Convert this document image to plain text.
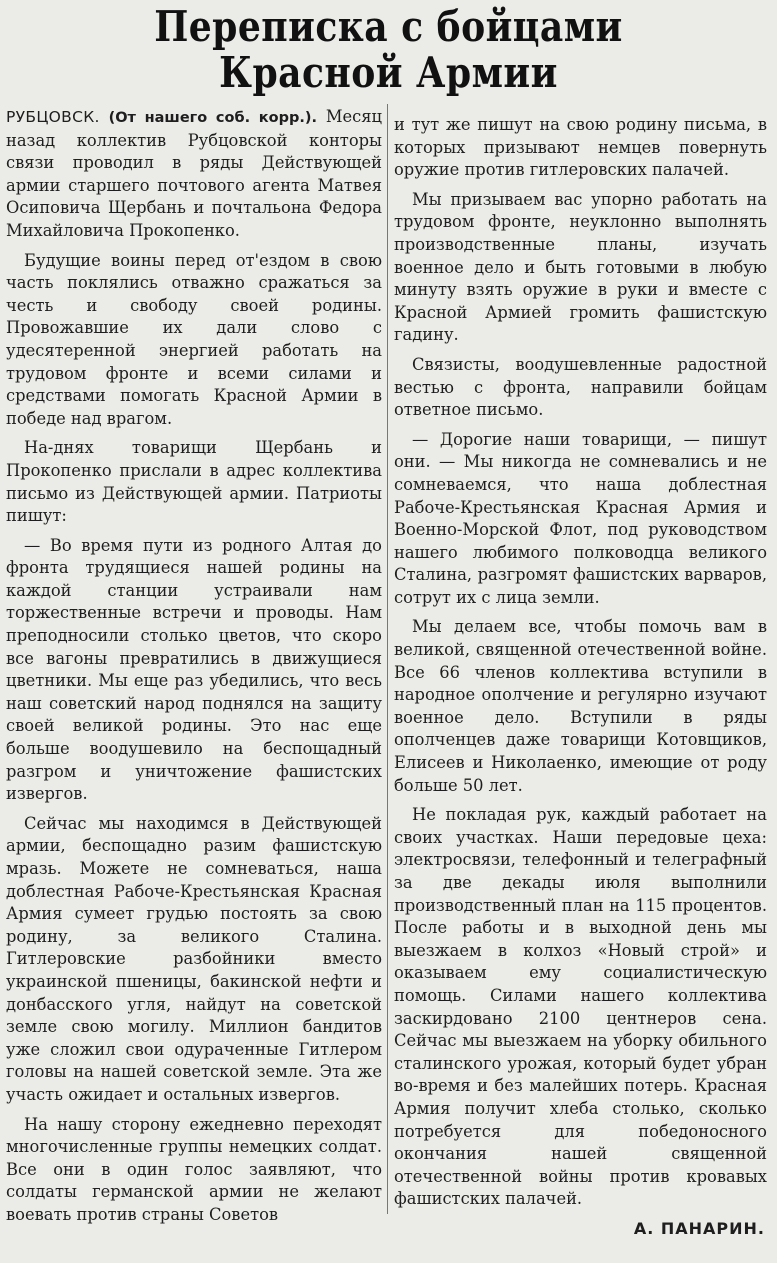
Переписка с бойцами
Красной Армии

РУБЦОВСК. (От нашего соб. корр.). Месяц назад коллектив Рубцовской конторы связи проводил в ряды Действующей армии старшего почтового агента Матвея Осиповича Щербань и почтальона Федора Михайловича Прокопенко.

Будущие воины перед от'ездом в свою часть поклялись отважно сражаться за честь и свободу своей родины. Провожавшие их дали слово с удесятеренной энергией работать на трудовом фронте и всеми силами и средствами помогать Красной Армии в победе над врагом.

На-днях товарищи Щербань и Прокопенко прислали в адрес коллектива письмо из Действующей армии. Патриоты пишут:

— Во время пути из родного Алтая до фронта трудящиеся нашей родины на каждой станции устраивали нам торжественные встречи и проводы. Нам преподносили столько цветов, что скоро все вагоны превратились в движущиеся цветники. Мы еще раз убедились, что весь наш советский народ поднялся на защиту своей великой родины. Это нас еще больше воодушевило на беспощадный разгром и уничтожение фашистских извергов.

Сейчас мы находимся в Действующей армии, беспощадно разим фашистскую мразь. Можете не сомневаться, наша доблестная Рабоче-Крестьянская Красная Армия сумеет грудью постоять за свою родину, за великого Сталина. Гитлеровские разбойники вместо украинской пшеницы, бакинской нефти и донбасского угля, найдут на советской земле свою могилу. Миллион бандитов уже сложил свои одураченные Гитлером головы на нашей советской земле. Эта же участь ожидает и остальных извергов.

На нашу сторону ежедневно переходят многочисленные группы немецких солдат. Все они в один голос заявляют, что солдаты германской армии не желают воевать против страны Советов

и тут же пишут на свою родину письма, в которых призывают немцев повернуть оружие против гитлеровских палачей.

Мы призываем вас упорно работать на трудовом фронте, неуклонно выполнять производственные планы, изучать военное дело и быть готовыми в любую минуту взять оружие в руки и вместе с Красной Армией громить фашистскую гадину.

Связисты, воодушевленные радостной вестью с фронта, направили бойцам ответное письмо.

— Дорогие наши товарищи, — пишут они. — Мы никогда не сомневались и не сомневаемся, что наша доблестная Рабоче-Крестьянская Красная Армия и Военно-Морской Флот, под руководством нашего любимого полководца великого Сталина, разгромят фашистских варваров, сотрут их с лица земли.

Мы делаем все, чтобы помочь вам в великой, священной отечественной войне. Все 66 членов коллектива вступили в народное ополчение и регулярно изучают военное дело. Вступили в ряды ополченцев даже товарищи Котовщиков, Елисеев и Николаенко, имеющие от роду больше 50 лет.

Не покладая рук, каждый работает на своих участках. Наши передовые цеха: электросвязи, телефонный и телеграфный за две декады июля выполнили производственный план на 115 процентов. После работы и в выходной день мы выезжаем в колхоз «Новый строй» и оказываем ему социалистическую помощь. Силами нашего коллектива заскирдовано 2100 центнеров сена. Сейчас мы выезжаем на уборку обильного сталинского урожая, который будет убран во-время и без малейших потерь. Красная Армия получит хлеба столько, сколько потребуется для победоносного окончания нашей священной отечественной войны против кровавых фашистских палачей.

А. ПАНАРИН.
